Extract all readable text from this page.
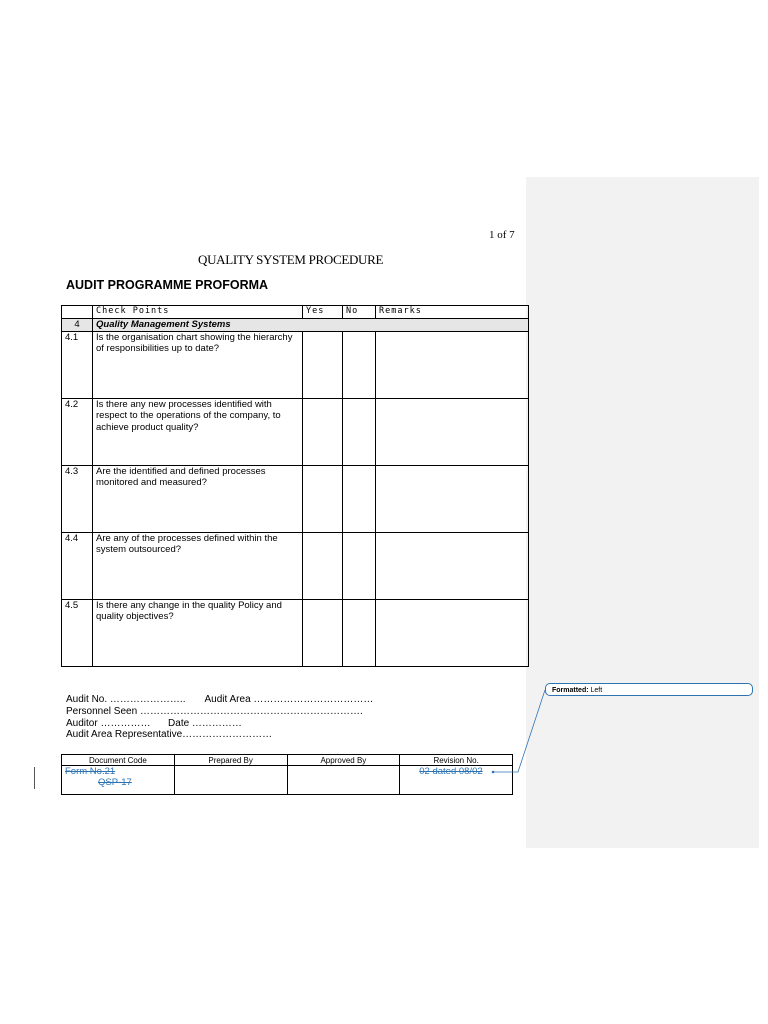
1 of 7
QUALITY SYSTEM PROCEDURE
AUDIT PROGRAMME PROFORMA
	Check Points	Yes	No	Remarks
4	Quality Management Systems			
4.1	Is the organisation chart showing the hierarchy of responsibilities up to date?			
4.2	Is there any new processes identified with respect to the operations of the company, to achieve product quality?			
4.3	Are the identified and defined processes monitored and measured?			
4.4	Are any of the processes defined within the system outsourced?			
4.5	Is there any change in the quality Policy and quality objectives?			
Audit No. ………………….. Audit Area ………………………………
Personnel Seen ………………………………………………………….
Auditor …………… Date ……………
Audit Area Representative………………………
Document Code	Prepared By	Approved By	Revision No.
Form No.21
QSP-17			02 dated 08/02
Formatted: Left
